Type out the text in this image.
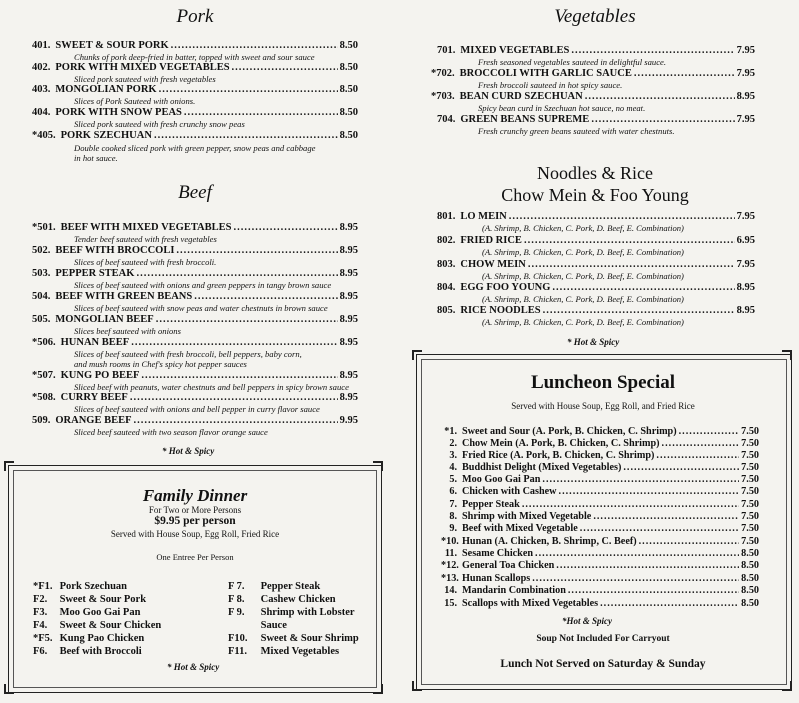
Pork
401. SWEET & SOUR PORK .....	8.50
Chunks of pork deep-fried in batter, topped with sweet and sour sauce
402. PORK WITH MIXED VEGETABLES .....	8.50
Sliced pork sauteed with fresh vegetables
403. MONGOLIAN PORK .....	8.50
Slices of Pork Sauteed with onions.
404. PORK WITH SNOW PEAS .....	8.50
Sliced pork sauteed with fresh crunchy snow peas
*405. PORK SZECHUAN .....	8.50
Double cooked sliced pork with green pepper, snow peas and cabbage
in hot sauce.
Beef
*501. BEEF WITH MIXED VEGETABLES .....	8.95
Tender beef sauteed with fresh vegetables
502. BEEF WITH BROCCOLI .....	8.95
Slices of beef sauteed with fresh broccoli.
503. PEPPER STEAK .....	8.95
Slices of beef sauteed with onions and green peppers in tangy brown sauce
504. BEEF WITH GREEN BEANS .....	8.95
Slices of beef sauteed with snow peas and water chestnuts in brown sauce
505. MONGOLIAN BEEF .....	8.95
Slices beef sauteed with onions
*506. HUNAN BEEF .....	8.95
Slices of beef sauteed with fresh broccoli, bell peppers, baby corn,
and mush rooms in Chef's spicy hot pepper sauces
*507. KUNG PO BEEF .....	8.95
Sliced beef with peanuts, water chestnuts and bell peppers in spicy brown sauce
*508. CURRY BEEF .....	8.95
Slices of beef sauteed with onions and bell pepper in curry flavor sauce
509. ORANGE BEEF .....	9.95
Sliced beef sauteed with two season flavor orange sauce
* Hot & Spicy
Vegetables
701. MIXED VEGETABLES .....	7.95
Fresh seasoned vegetables sauteed in delightful sauce.
*702. BROCCOLI WITH GARLIC SAUCE .....	7.95
Fresh broccoli sauteed in hot spicy sauce.
*703. BEAN CURD SZECHUAN .....	8.95
Spicy bean curd in Szechuan hot sauce, no meat.
704. GREEN BEANS SUPREME .....	7.95
Fresh crunchy green beans sauteed with water chestnuts.
Noodles & Rice
Chow Mein & Foo Young
801. LO MEIN .....	7.95
(A. Shrimp, B. Chicken, C. Pork, D. Beef, E. Combination)
802. FRIED RICE .....	6.95
(A. Shrimp, B. Chicken, C. Pork, D. Beef, E. Combination)
803. CHOW MEIN .....	7.95
(A. Shrimp, B. Chicken, C. Pork, D. Beef, E. Combination)
804. EGG FOO YOUNG .....	8.95
(A. Shrimp, B. Chicken, C. Pork, D. Beef, E. Combination)
805. RICE NOODLES .....	8.95
(A. Shrimp, B. Chicken, C. Pork, D. Beef, E. Combination)
* Hot & Spicy
Family Dinner
For Two or More Persons
$9.95 per person
Served with House Soup, Egg Roll, Fried Rice
One Entree Per Person
*F1. Pork Szechuan
F2. Sweet & Sour Pork
F3. Moo Goo Gai Pan
F4. Sweet & Sour Chicken
*F5. Kung Pao Chicken
F6. Beef with Broccoli
F 7. Pepper Steak
F 8. Cashew Chicken
F 9. Shrimp with Lobster
Sauce
F10. Sweet & Sour Shrimp
F11. Mixed Vegetables
* Hot & Spicy
Luncheon Special
Served with House Soup, Egg Roll, and Fried Rice
*1. Sweet and Sour (A. Pork, B. Chicken, C. Shrimp) .....	7.50
2. Chow Mein (A. Pork, B. Chicken, C. Shrimp) .....	7.50
3. Fried Rice (A. Pork, B. Chicken, C. Shrimp) .....	7.50
4. Buddhist Delight (Mixed Vegetables) .....	7.50
5. Moo Goo Gai Pan .....	7.50
6. Chicken with Cashew .....	7.50
7. Pepper Steak .....	7.50
8. Shrimp with Mixed Vegetable .....	7.50
9. Beef with Mixed Vegetable .....	7.50
*10. Hunan (A. Chicken, B. Shrimp, C. Beef) .....	7.50
11. Sesame Chicken .....	8.50
*12. General Toa Chicken .....	8.50
*13. Hunan Scallops .....	8.50
14. Mandarin Combination .....	8.50
15. Scallops with Mixed Vegetables .....	8.50
*Hot & Spicy
Soup Not Included For Carryout
Lunch Not Served on Saturday & Sunday
